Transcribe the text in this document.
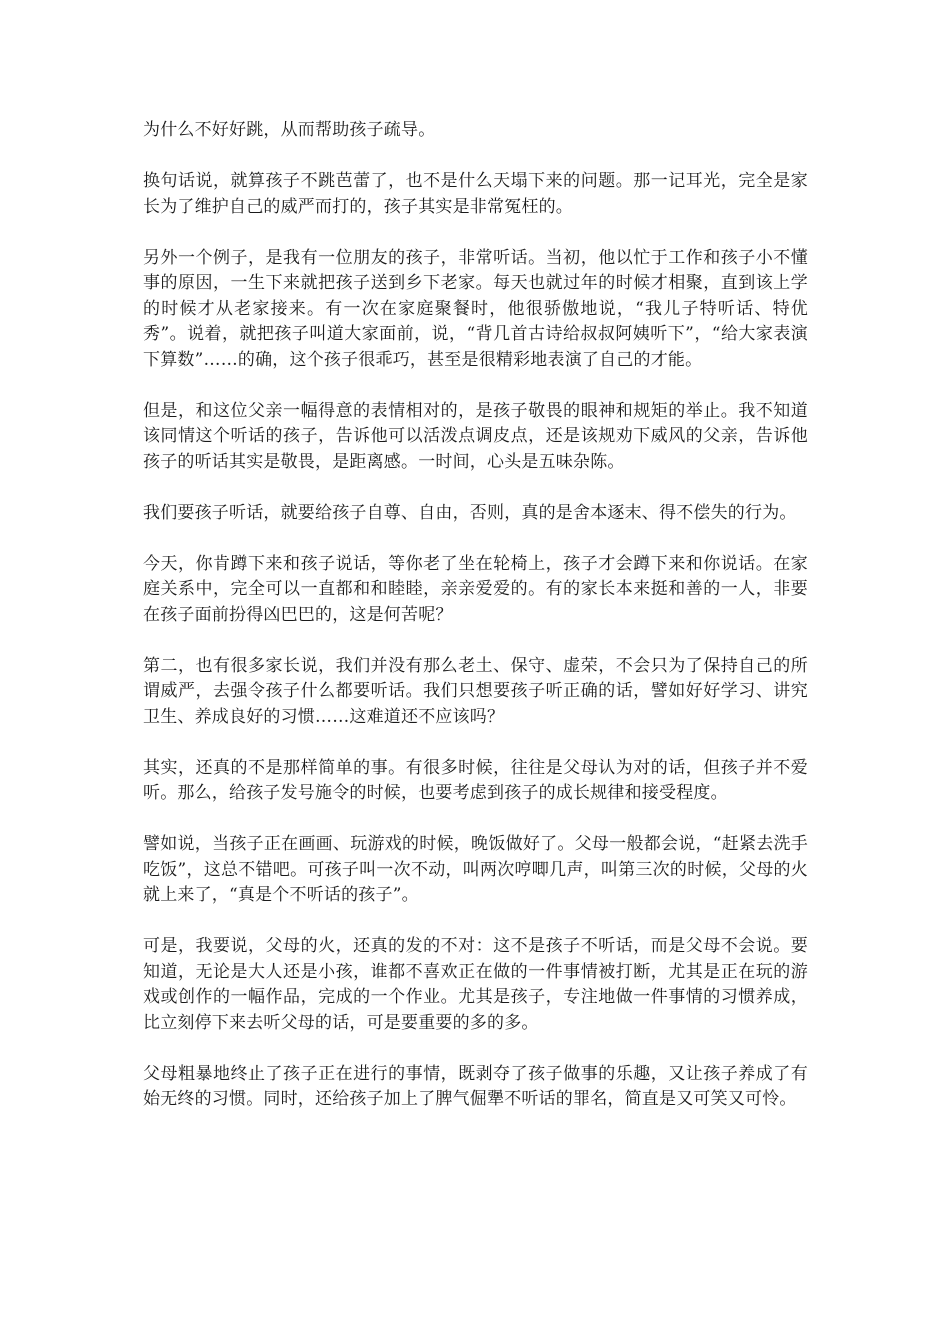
为什么不好好跳，从而帮助孩子疏导。

换句话说，就算孩子不跳芭蕾了，也不是什么天塌下来的问题。那一记耳光，完全是家长为了维护自己的威严而打的，孩子其实是非常冤枉的。

另外一个例子，是我有一位朋友的孩子，非常听话。当初，他以忙于工作和孩子小不懂事的原因，一生下来就把孩子送到乡下老家。每天也就过年的时候才相聚，直到该上学的时候才从老家接来。有一次在家庭聚餐时，他很骄傲地说，“我儿子特听话、特优秀”。说着，就把孩子叫道大家面前，说，“背几首古诗给叔叔阿姨听下”，“给大家表演下算数”……的确，这个孩子很乖巧，甚至是很精彩地表演了自己的才能。

但是，和这位父亲一幅得意的表情相对的，是孩子敬畏的眼神和规矩的举止。我不知道该同情这个听话的孩子，告诉他可以活泼点调皮点，还是该规劝下威风的父亲，告诉他孩子的听话其实是敬畏，是距离感。一时间，心头是五味杂陈。

我们要孩子听话，就要给孩子自尊、自由，否则，真的是舍本逐末、得不偿失的行为。

今天，你肯蹲下来和孩子说话，等你老了坐在轮椅上，孩子才会蹲下来和你说话。在家庭关系中，完全可以一直都和和睦睦，亲亲爱爱的。有的家长本来挺和善的一人，非要在孩子面前扮得凶巴巴的，这是何苦呢？

第二，也有很多家长说，我们并没有那么老土、保守、虚荣，不会只为了保持自己的所谓威严，去强令孩子什么都要听话。我们只想要孩子听正确的话，譬如好好学习、讲究卫生、养成良好的习惯……这难道还不应该吗？

其实，还真的不是那样简单的事。有很多时候，往往是父母认为对的话，但孩子并不爱听。那么，给孩子发号施令的时候，也要考虑到孩子的成长规律和接受程度。

譬如说，当孩子正在画画、玩游戏的时候，晚饭做好了。父母一般都会说，“赶紧去洗手吃饭”，这总不错吧。可孩子叫一次不动，叫两次哼唧几声，叫第三次的时候，父母的火就上来了，“真是个不听话的孩子”。

可是，我要说，父母的火，还真的发的不对：这不是孩子不听话，而是父母不会说。要知道，无论是大人还是小孩，谁都不喜欢正在做的一件事情被打断，尤其是正在玩的游戏或创作的一幅作品，完成的一个作业。尤其是孩子，专注地做一件事情的习惯养成，比立刻停下来去听父母的话，可是要重要的多的多。

父母粗暴地终止了孩子正在进行的事情，既剥夺了孩子做事的乐趣，又让孩子养成了有始无终的习惯。同时，还给孩子加上了脾气倔犟不听话的罪名，简直是又可笑又可怜。
